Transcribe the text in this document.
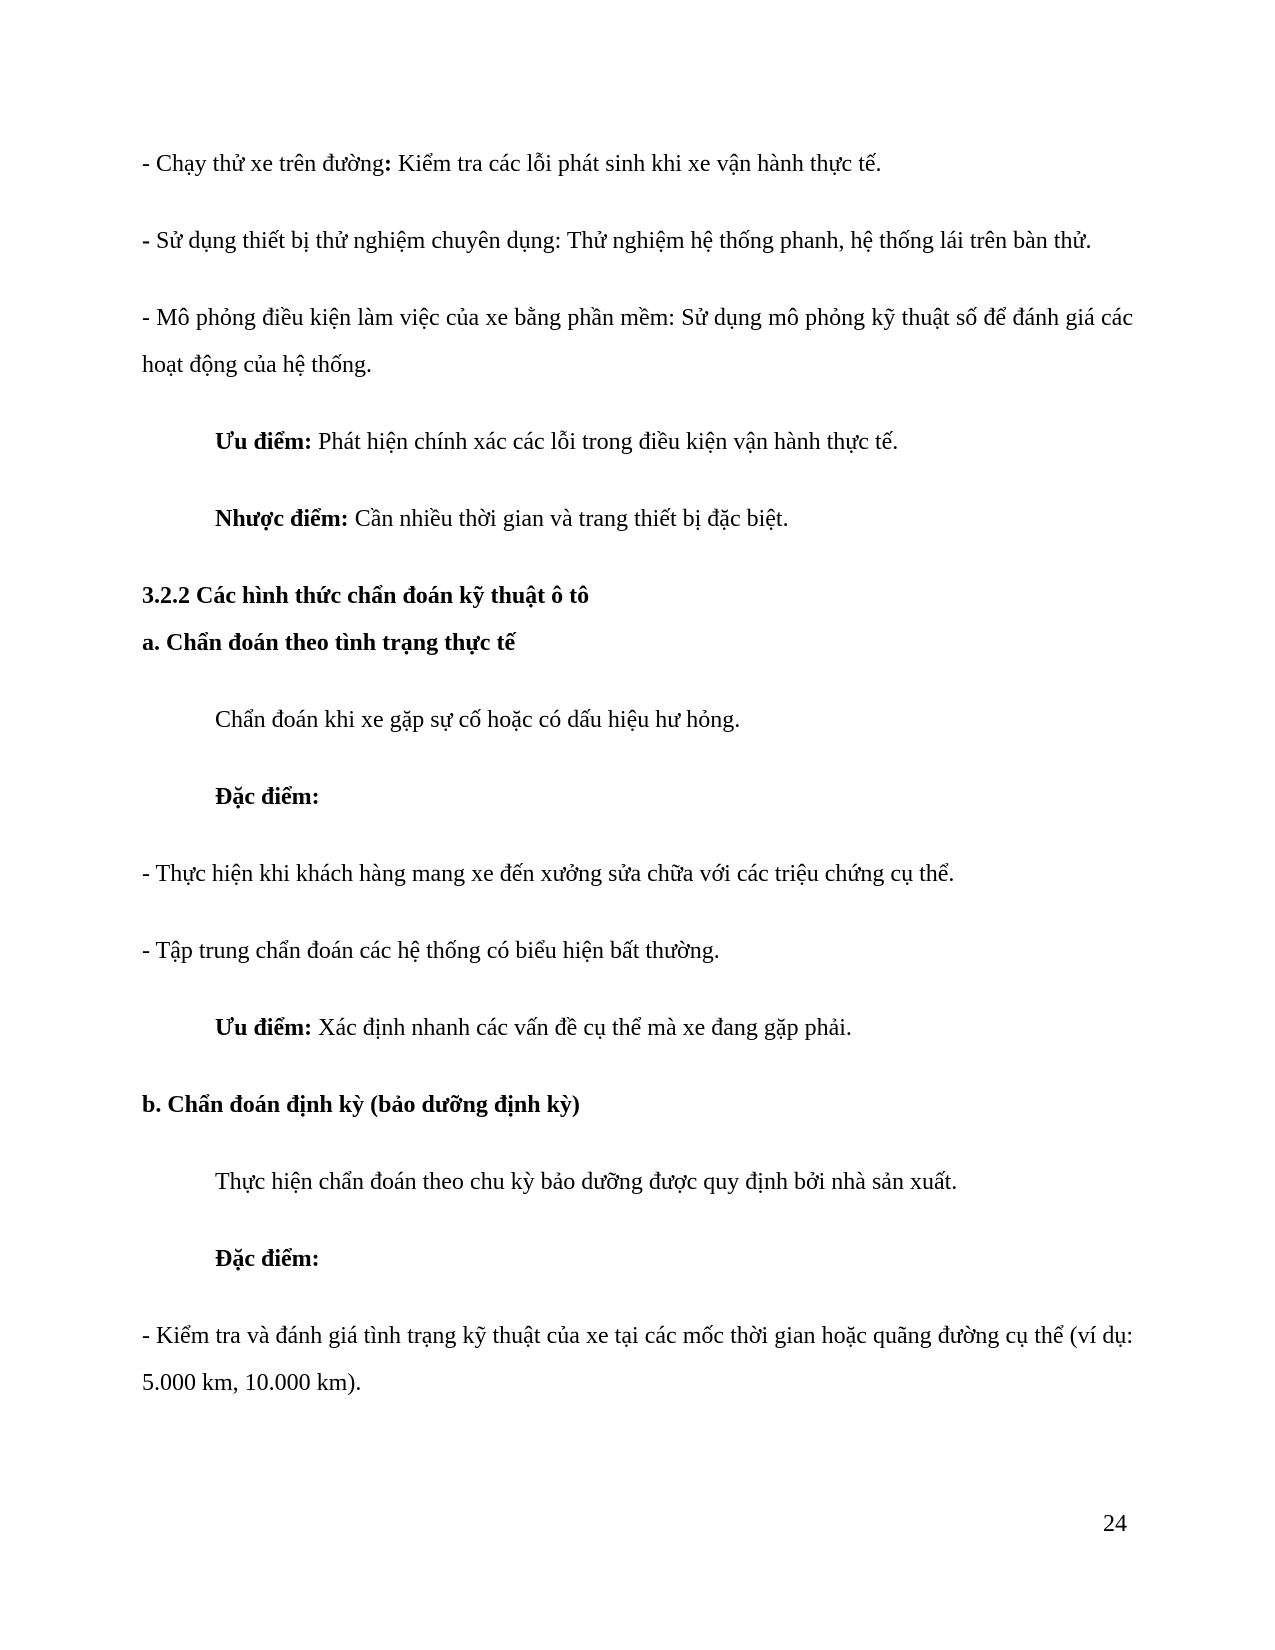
- Chạy thử xe trên đường: Kiểm tra các lỗi phát sinh khi xe vận hành thực tế.

- Sử dụng thiết bị thử nghiệm chuyên dụng: Thử nghiệm hệ thống phanh, hệ thống lái trên bàn thử.

- Mô phỏng điều kiện làm việc của xe bằng phần mềm: Sử dụng mô phỏng kỹ thuật số để đánh giá các hoạt động của hệ thống.

Ưu điểm: Phát hiện chính xác các lỗi trong điều kiện vận hành thực tế.

Nhược điểm: Cần nhiều thời gian và trang thiết bị đặc biệt.

3.2.2 Các hình thức chẩn đoán kỹ thuật ô tô

a. Chẩn đoán theo tình trạng thực tế

Chẩn đoán khi xe gặp sự cố hoặc có dấu hiệu hư hỏng.

Đặc điểm:

- Thực hiện khi khách hàng mang xe đến xưởng sửa chữa với các triệu chứng cụ thể.

- Tập trung chẩn đoán các hệ thống có biểu hiện bất thường.

Ưu điểm: Xác định nhanh các vấn đề cụ thể mà xe đang gặp phải.

b. Chẩn đoán định kỳ (bảo dưỡng định kỳ)

Thực hiện chẩn đoán theo chu kỳ bảo dưỡng được quy định bởi nhà sản xuất.

Đặc điểm:

- Kiểm tra và đánh giá tình trạng kỹ thuật của xe tại các mốc thời gian hoặc quãng đường cụ thể (ví dụ: 5.000 km, 10.000 km).

24
